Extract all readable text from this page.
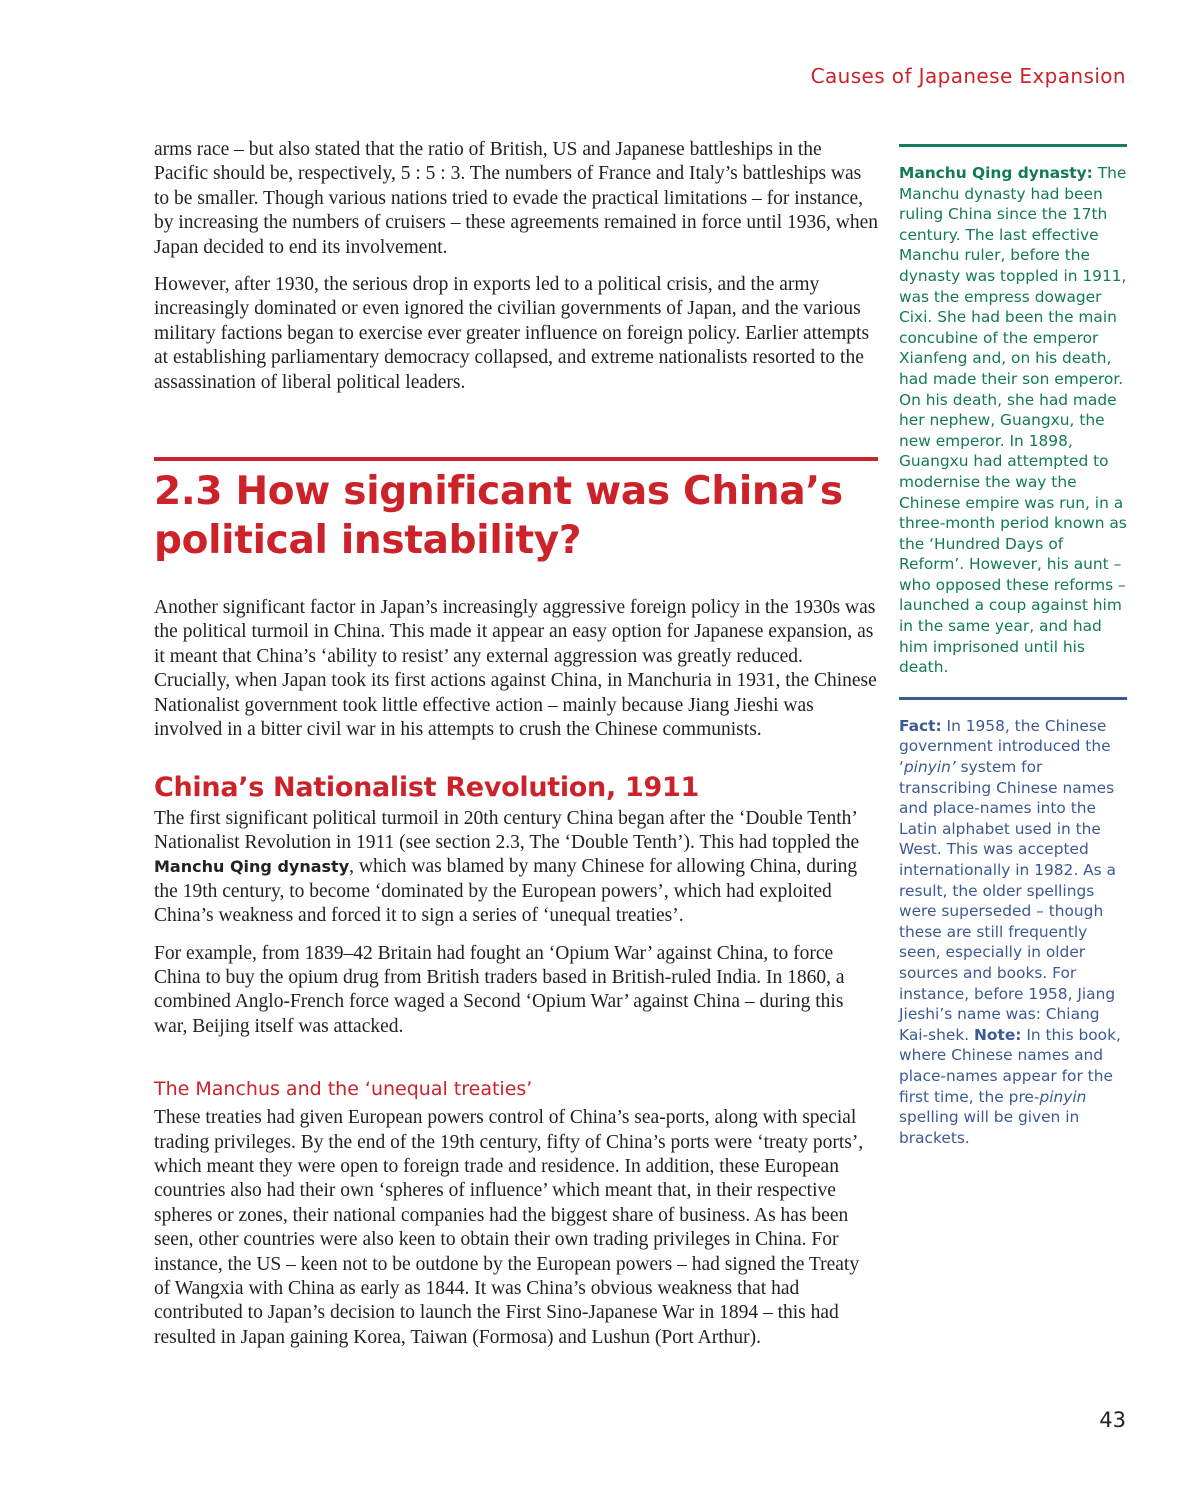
Causes of Japanese Expansion

arms race – but also stated that the ratio of British, US and Japanese battleships in the Pacific should be, respectively, 5 : 5 : 3. The numbers of France and Italy’s battleships was to be smaller. Though various nations tried to evade the practical limitations – for instance, by increasing the numbers of cruisers – these agreements remained in force until 1936, when Japan decided to end its involvement.

However, after 1930, the serious drop in exports led to a political crisis, and the army increasingly dominated or even ignored the civilian governments of Japan, and the various military factions began to exercise ever greater influence on foreign policy. Earlier attempts at establishing parliamentary democracy collapsed, and extreme nationalists resorted to the assassination of liberal political leaders.

2.3 How significant was China’s political instability?

Another significant factor in Japan’s increasingly aggressive foreign policy in the 1930s was the political turmoil in China. This made it appear an easy option for Japanese expansion, as it meant that China’s ‘ability to resist’ any external aggression was greatly reduced. Crucially, when Japan took its first actions against China, in Manchuria in 1931, the Chinese Nationalist government took little effective action – mainly because Jiang Jieshi was involved in a bitter civil war in his attempts to crush the Chinese communists.

China’s Nationalist Revolution, 1911

The first significant political turmoil in 20th century China began after the ‘Double Tenth’ Nationalist Revolution in 1911 (see section 2.3, The ‘Double Tenth’). This had toppled the Manchu Qing dynasty, which was blamed by many Chinese for allowing China, during the 19th century, to become ‘dominated by the European powers’, which had exploited China’s weakness and forced it to sign a series of ‘unequal treaties’.

For example, from 1839–42 Britain had fought an ‘Opium War’ against China, to force China to buy the opium drug from British traders based in British-ruled India. In 1860, a combined Anglo-French force waged a Second ‘Opium War’ against China – during this war, Beijing itself was attacked.

The Manchus and the ‘unequal treaties’

These treaties had given European powers control of China’s sea-ports, along with special trading privileges. By the end of the 19th century, fifty of China’s ports were ‘treaty ports’, which meant they were open to foreign trade and residence. In addition, these European countries also had their own ‘spheres of influence’ which meant that, in their respective spheres or zones, their national companies had the biggest share of business. As has been seen, other countries were also keen to obtain their own trading privileges in China. For instance, the US – keen not to be outdone by the European powers – had signed the Treaty of Wangxia with China as early as 1844. It was China’s obvious weakness that had contributed to Japan’s decision to launch the First Sino-Japanese War in 1894 – this had resulted in Japan gaining Korea, Taiwan (Formosa) and Lushun (Port Arthur).

Manchu Qing dynasty: The Manchu dynasty had been ruling China since the 17th century. The last effective Manchu ruler, before the dynasty was toppled in 1911, was the empress dowager Cixi. She had been the main concubine of the emperor Xianfeng and, on his death, had made their son emperor. On his death, she had made her nephew, Guangxu, the new emperor. In 1898, Guangxu had attempted to modernise the way the Chinese empire was run, in a three-month period known as the ‘Hundred Days of Reform’. However, his aunt – who opposed these reforms – launched a coup against him in the same year, and had him imprisoned until his death.
Fact: In 1958, the Chinese government introduced the ‘pinyin’ system for transcribing Chinese names and place-names into the Latin alphabet used in the West. This was accepted internationally in 1982. As a result, the older spellings were superseded – though these are still frequently seen, especially in older sources and books. For instance, before 1958, Jiang Jieshi’s name was: Chiang Kai-shek. Note: In this book, where Chinese names and place-names appear for the first time, the pre-pinyin spelling will be given in brackets.
43
